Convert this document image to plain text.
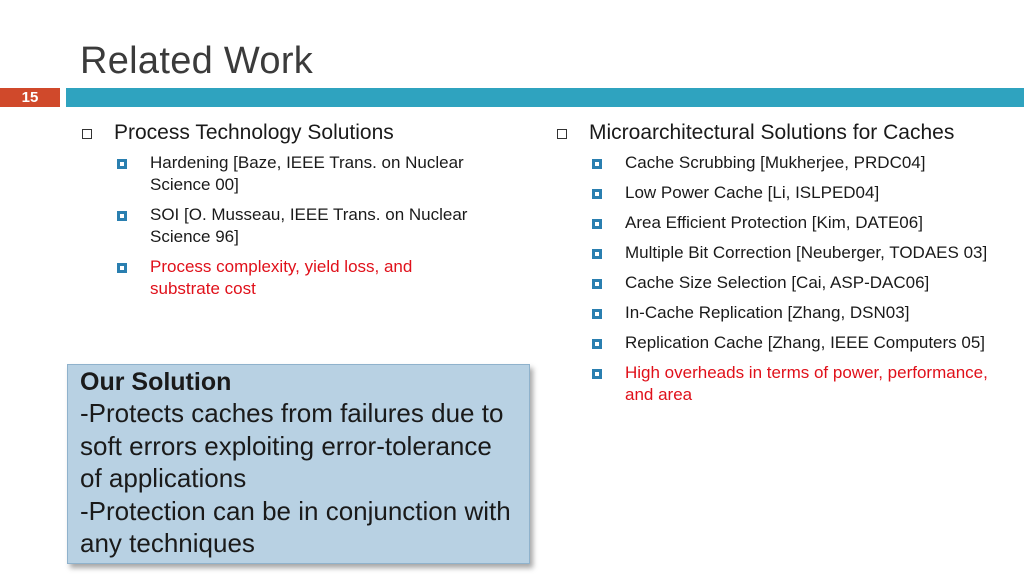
Related Work
15
Process Technology Solutions
Hardening [Baze, IEEE Trans. on Nuclear Science 00]
SOI [O. Musseau, IEEE Trans. on Nuclear Science 96]
Process complexity, yield loss, and substrate cost
Microarchitectural Solutions for Caches
Cache Scrubbing [Mukherjee, PRDC04]
Low Power Cache [Li, ISLPED04]
Area Efficient Protection [Kim, DATE06]
Multiple Bit Correction [Neuberger, TODAES 03]
Cache Size Selection [Cai, ASP-DAC06]
In-Cache Replication [Zhang, DSN03]
Replication Cache [Zhang, IEEE Computers 05]
High overheads in terms of power, performance, and area
Our Solution
-Protects caches from failures due to soft errors exploiting error-tolerance of applications
-Protection can be in conjunction with any techniques
